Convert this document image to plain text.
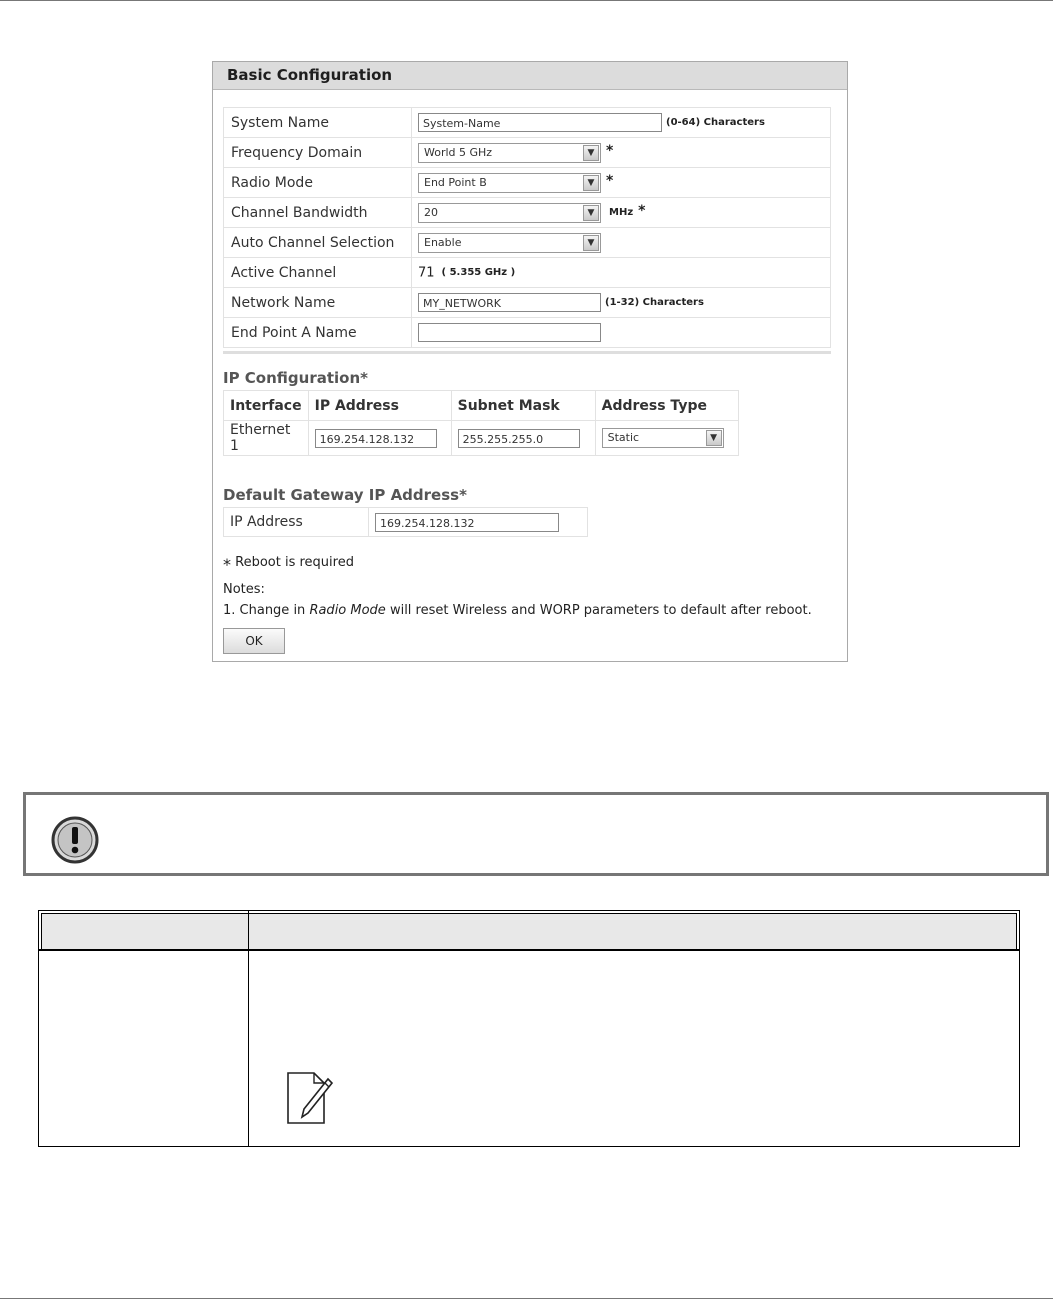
Basic Configuration
System Name	System-Name (0-64) Characters
Frequency Domain	World 5 GHz ▼ *
Radio Mode	End Point B ▼ *
Channel Bandwidth	20 ▼ MHz *
Auto Channel Selection	Enable ▼

Active Channel	71 ( 5.355 GHz )
Network Name	MY_NETWORK (1-32) Characters
End Point A Name	
IP Configuration*
Interface	IP Address	Subnet Mask	Address Type
Ethernet 1	169.254.128.132	255.255.255.0	Static ▼
Default Gateway IP Address*
IP Address	169.254.128.132
* Reboot is required
Notes:
1. Change in Radio Mode will reset Wireless and WORP parameters to default after reboot.
OK
